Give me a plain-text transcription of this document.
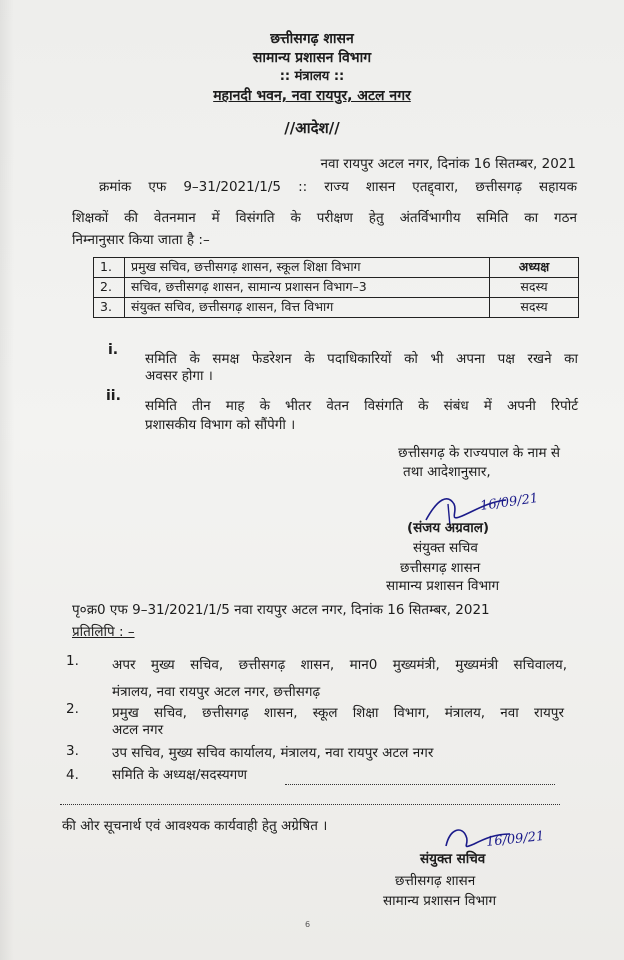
छत्तीसगढ़ शासन
सामान्य प्रशासन विभाग
:: मंत्रालय ::
महानदी भवन, नवा रायपुर, अटल नगर
//आदेश//
नवा रायपुर अटल नगर, दिनांक 16 सितम्बर, 2021
क्रमांक एफ 9–31/2021/1/5 :: राज्य शासन एतद्द्वारा, छत्तीसगढ़ सहायक
शिक्षकों की वेतनमान में विसंगति के परीक्षण हेतु अंतर्विभागीय समिति का गठन
निम्नानुसार किया जाता है :–
1.	प्रमुख सचिव, छत्तीसगढ़ शासन, स्कूल शिक्षा विभाग	अध्यक्ष
2.	सचिव, छत्तीसगढ़ शासन, सामान्य प्रशासन विभाग–3	सदस्य
3.	संयुक्त सचिव, छत्तीसगढ़ शासन, वित्त विभाग	सदस्य
i.
समिति के समक्ष फेडरेशन के पदाधिकारियों को भी अपना पक्ष रखने का
अवसर होगा ।
ii.
समिति तीन माह के भीतर वेतन विसंगति के संबंध में अपनी रिपोर्ट
प्रशासकीय विभाग को सौंपेगी ।
छत्तीसगढ़ के राज्यपाल के नाम से
तथा आदेशानुसार,
16/09/21
(संजय अग्रवाल)
संयुक्त सचिव
छत्तीसगढ़ शासन
सामान्य प्रशासन विभाग
पृ०क्र0 एफ 9–31/2021/1/5 नवा रायपुर अटल नगर, दिनांक 16 सितम्बर, 2021
प्रतिलिपि : –
1. अपर मुख्य सचिव, छत्तीसगढ़ शासन, मान0 मुख्यमंत्री, मुख्यमंत्री सचिवालय,
मंत्रालय, नवा रायपुर अटल नगर, छत्तीसगढ़
2. प्रमुख सचिव, छत्तीसगढ़ शासन, स्कूल शिक्षा विभाग, मंत्रालय, नवा रायपुर
अटल नगर
3. उप सचिव, मुख्य सचिव कार्यालय, मंत्रालय, नवा रायपुर अटल नगर
4. समिति के अध्यक्ष/सदस्यगण
की ओर सूचनार्थ एवं आवश्यक कार्यवाही हेतु अग्रेषित ।
16/09/21
संयुक्त सचिव
छत्तीसगढ़ शासन
सामान्य प्रशासन विभाग
6
